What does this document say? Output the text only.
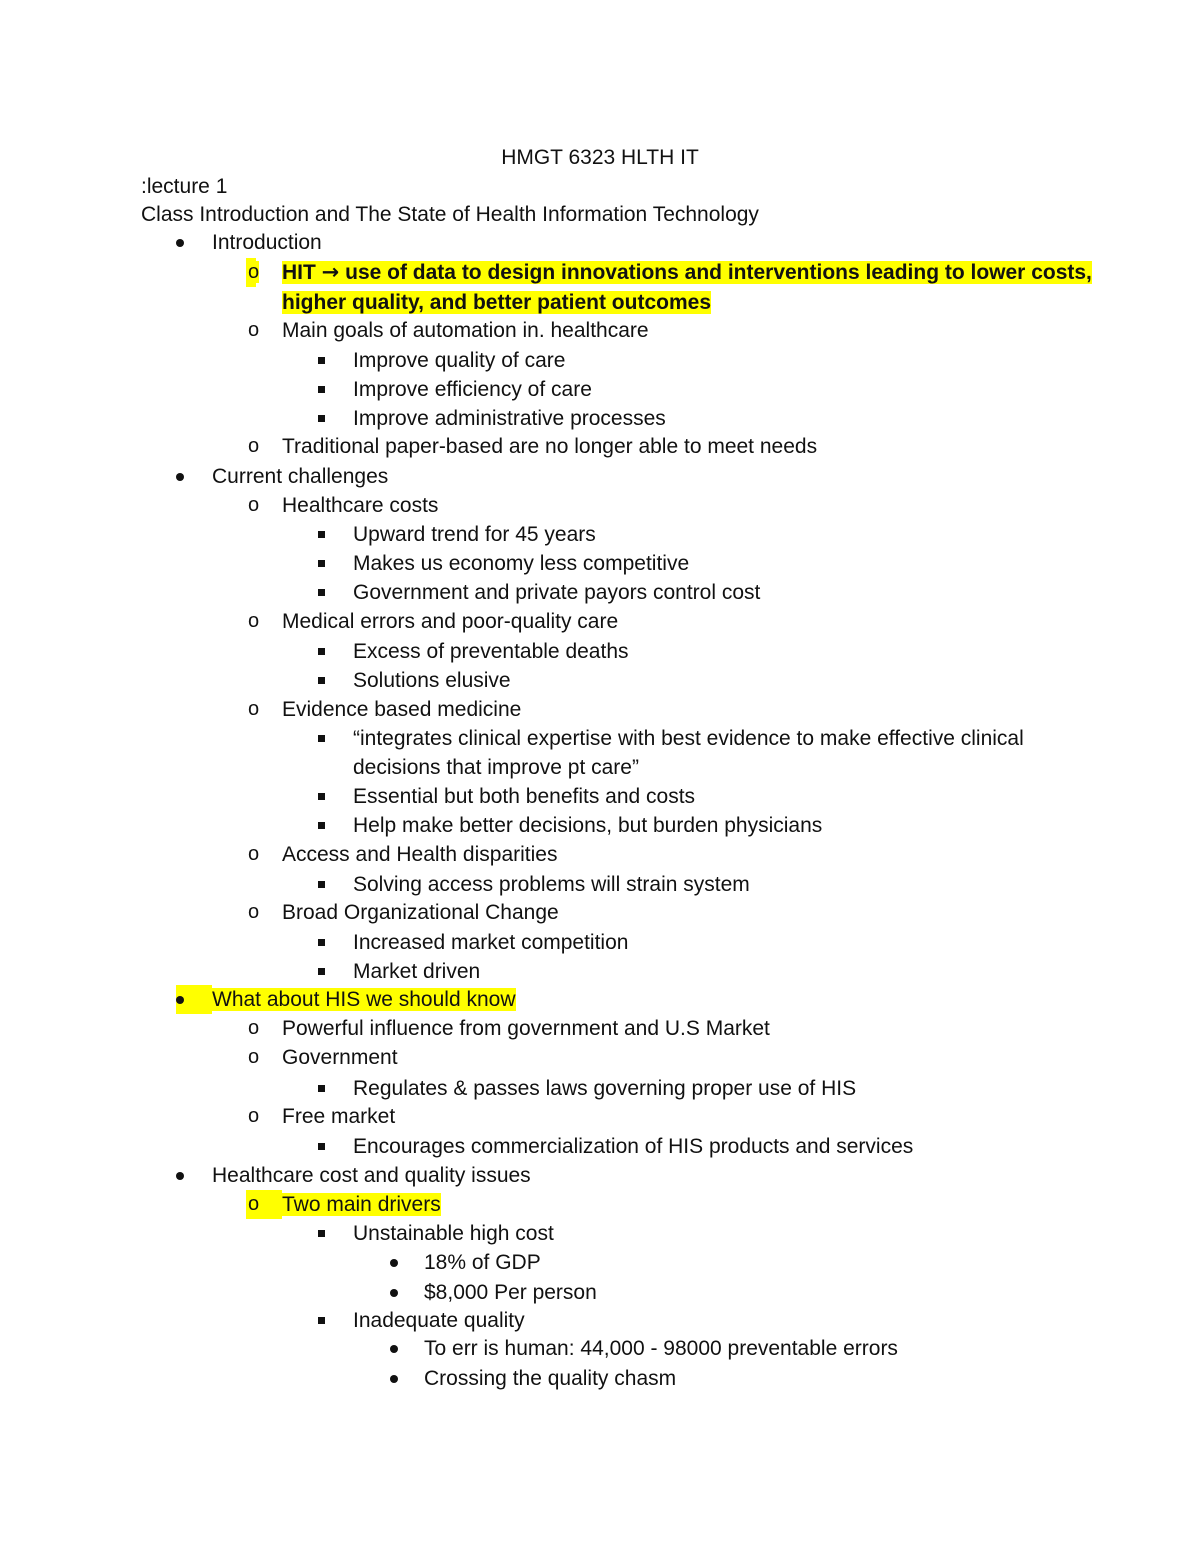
HMGT 6323 HLTH IT
:lecture 1
Class Introduction and The State of Health Information Technology
Introduction

o HIT → use of data to design innovations and interventions leading to lower costs,
higher quality, and better patient outcomes
o Main goals of automation in. healthcare
Improve quality of care
Improve efficiency of care
Improve administrative processes
o Traditional paper-based are no longer able to meet needs
Current challenges
o Healthcare costs
Upward trend for 45 years
Makes us economy less competitive
Government and private payors control cost
o Medical errors and poor-quality care
Excess of preventable deaths
Solutions elusive
o Evidence based medicine
“integrates clinical expertise with best evidence to make effective clinical
decisions that improve pt care”
Essential but both benefits and costs
Help make better decisions, but burden physicians
o Access and Health disparities
Solving access problems will strain system
o Broad Organizational Change
Increased market competition
Market driven

What about HIS we should know
o Powerful influence from government and U.S Market
o Government
Regulates & passes laws governing proper use of HIS
o Free market
Encourages commercialization of HIS products and services
Healthcare cost and quality issues

o Two main drivers
Unstainable high cost
18% of GDP
$8,000 Per person
Inadequate quality
To err is human: 44,000 - 98000 preventable errors
Crossing the quality chasm
